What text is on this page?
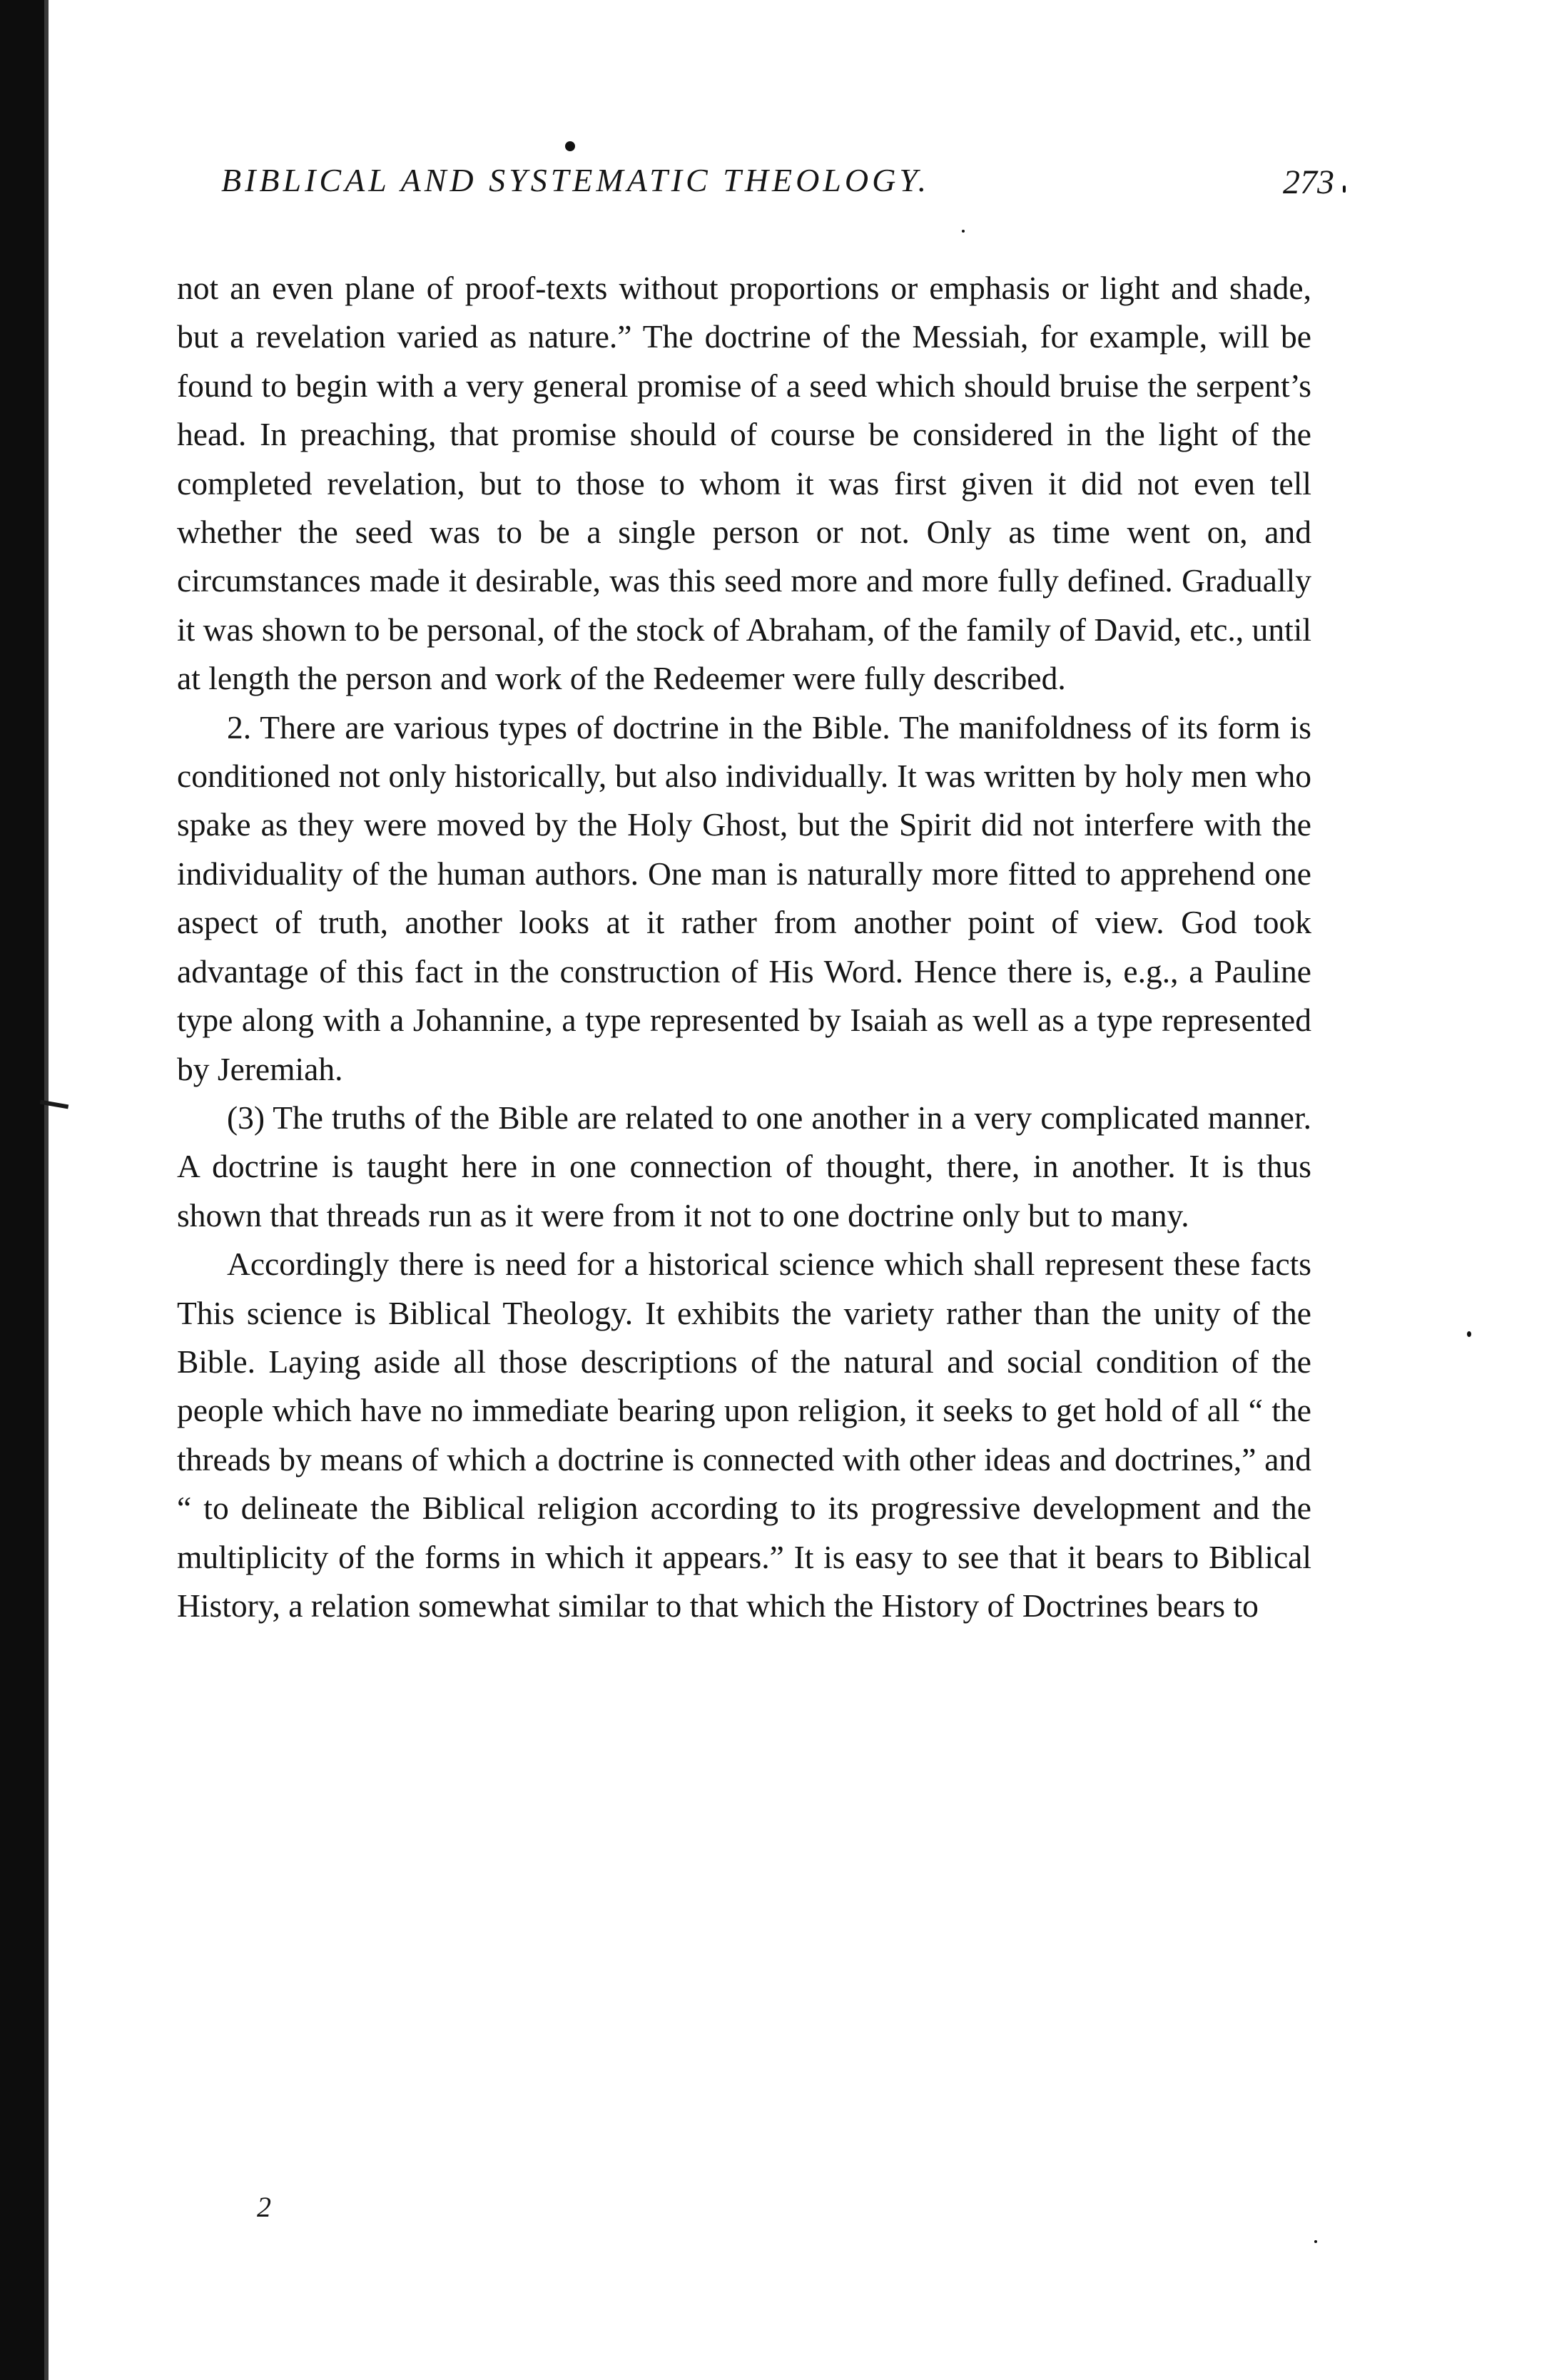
BIBLICAL AND SYSTEMATIC THEOLOGY.	273

not an even plane of proof-texts without proportions or emphasis or light and shade, but a revelation varied as nature.” The doctrine of the Messiah, for example, will be found to begin with a very general promise of a seed which should bruise the serpent’s head. In preaching, that promise should of course be considered in the light of the completed revelation, but to those to whom it was first given it did not even tell whether the seed was to be a single person or not. Only as time went on, and circumstances made it desirable, was this seed more and more fully defined. Gradually it was shown to be personal, of the stock of Abraham, of the family of David, etc., until at length the person and work of the Redeemer were fully described.

2. There are various types of doctrine in the Bible. The manifoldness of its form is conditioned not only historically, but also individually. It was written by holy men who spake as they were moved by the Holy Ghost, but the Spirit did not interfere with the individuality of the human authors. One man is naturally more fitted to apprehend one aspect of truth, another looks at it rather from another point of view. God took advantage of this fact in the construction of His Word. Hence there is, e.g., a Pauline type along with a Johannine, a type represented by Isaiah as well as a type represented by Jeremiah.

(3) The truths of the Bible are related to one another in a very complicated manner. A doctrine is taught here in one connection of thought, there, in another. It is thus shown that threads run as it were from it not to one doctrine only but to many.

Accordingly there is need for a historical science which shall represent these facts This science is Biblical Theology. It exhibits the variety rather than the unity of the Bible. Laying aside all those descriptions of the natural and social condition of the people which have no immediate bearing upon religion, it seeks to get hold of all “ the threads by means of which a doctrine is connected with other ideas and doctrines,” and “ to delineate the Biblical religion according to its progressive development and the multiplicity of the forms in which it appears.” It is easy to see that it bears to Biblical History, a relation somewhat similar to that which the History of Doctrines bears to

2
